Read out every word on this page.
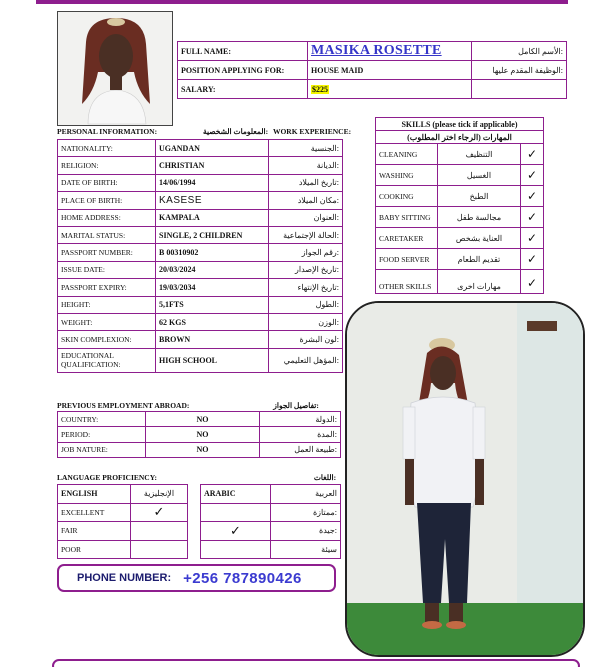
FULL NAME:	MASIKA ROSETTE	الأسم الكامل:
POSITION APPLYING FOR:	HOUSE MAID	الوظيفة المقدم عليها:
SALARY:	$225	
PERSONAL INFORMATION:	المعلومات الشخصية: WORK EXPERIENCE:
NATIONALITY:	UGANDAN	الجنسية:
RELIGION:	CHRISTIAN	الديانة:
DATE OF BIRTH:	14/06/1994	تاريخ الميلاد:
PLACE OF BIRTH:	KASESE	مكان الميلاد:
HOME ADDRESS:	KAMPALA	العنوان:
MARITAL STATUS:	SINGLE, 2 CHILDREN	الحالة الإجتماعية:
PASSPORT NUMBER:	B 00310902	رقم الجواز:
ISSUE DATE:	20/03/2024	تاريخ الإصدار:
PASSPORT EXPIRY:	19/03/2034	تاريخ الإنتهاء:
HEIGHT:	5,1FTS	الطول:
WEIGHT:	62 KGS	الوزن:
SKIN COMPLEXION:	BROWN	لون البشرة:
EDUCATIONAL QUALIFICATION:	HIGH SCHOOL	المؤهل التعليمي:
PREVIOUS EMPLOYMENT ABROAD:	تفاصيل الجواز:
COUNTRY:	NO	الدولة:
PERIOD:	NO	المدة:
JOB NATURE:	NO	طبيعة العمل:
LANGUAGE PROFICIENCY:	اللغات:
ENGLISH	الإنجليزية		ARABIC	العربية
EXCELLENT	✓			ممتازة:
FAIR			✓	جيدة:
POOR				سيئة
PHONE NUMBER: +256 787890426
SKILLS (please tick if applicable)		
المهارات (الرجاء اختر المطلوب)		
CLEANING	التنظيف	✓
WASHING	الغسيل	✓
COOKING	الطبخ	✓
BABY SITTING	مجالسة طفل	✓
CARETAKER	العناية بشخص	✓
FOOD SERVER	تقديم الطعام	✓
OTHER SKILLS	مهارات اخرى	✓
